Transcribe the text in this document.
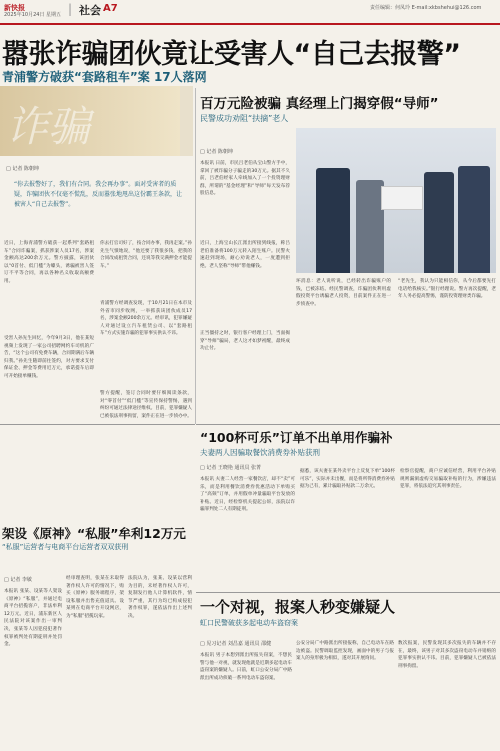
新快报
2025年10月24日 星期五 | 社会 A7	责任编辑：何凤玲 E-mail:xkbshehui@126.com
嚣张诈骗团伙竟让受害人“自己去报警”
青浦警方破获“套路租车”案 17人落网
诈骗
□ 记者 陈朝坤
“你去报警好了，我们有合同。我会再办事”。面对受害者的质疑，诈骗团伙不仅毫不慌乱，反而嚣张地甩出这份霸王条款，让被害人“自己去报警”。
近日，上海青浦警方破获一起系列“套路租车”合同诈骗案，抓获涉案人员17名，涉案金额高达200余万元。警方披露，该团伙以“0首付、低门槛”为噱头，诱骗被害人签订不平等合同，再以各种名义收取高额费用。
受害人孙先生回忆，今年9月3日，他在某短视频上发现了一家公司招聘网约车司机的广告，“这个公司有免费车辆，合同期满后车辆归我。”孙先生随即前往签约，对方要求支付保证金、押金等费用近万元，承诺提车后即可开始接单赚钱。
你去打官司好了，按合同办事，我再走案。”孙先生气愤地说，“他还要了我很多钱，把我的合同改成租赁合同，还说等我交满押金才能提车。”
青浦警方经调查发现，于10月21日在本市及外省市同步收网，一举抓获该团伙成员17名，涉案金额200余万元。经审讯，犯罪嫌疑人对通过设立汽车租赁公司、以“套路租车”方式实施诈骗的犯罪事实供认不讳。
警方提醒，签订合同时要仔细阅读条款，对“零首付”“低门槛”等宣传保持警惕，遇到纠纷可通过法律途径维权。目前，犯罪嫌疑人已被依法刑事拘留，案件正在进一步侦办中。
百万元险被骗 真经理上门揭穿假“导师”
民警成功劝阻“扶摘”老人
□ 记者 陈朝坤
本报讯 日前，市民吕老伯从宝山警方手中，拿回了被诈骗分子骗走的30万元。据其不久前，吕老伯经家人牵线加入了一个投资理财群，所谓的“基金经理”和“导师”每天发布荐股信息。
近日，上海宝山长江派出所接到线报，称吕老伯准备将100万元转入陌生账户。民警火速赶到现场，耐心劝说老人，一度遭到拒绝。老人坚称“导师”带他赚钱。
正当僵持之时，银行客户经理上门，当面揭穿“导师”骗局，老人这才如梦初醒，最终成功止付。
坏消息：老人说听说，已经转出诈骗账户的钱，已被冻结。经民警调查，诈骗团伙利用虚假投资平台诱骗老人投资，目前案件正在进一步侦查中。
“老先生，我认为只能相信你，从今后都要先打电话给我核实。”银行经理说。警方再次提醒，老年人务必提高警惕，谨防投资理财类诈骗。
“100杯可乐”订单不出单用作骗补
夫妻两人因骗取餐饮消费券补贴获刑
□ 记者 王晓艳 通讯员 张菁
本报讯 夫妻二人经营一家餐饮店，却不“卖”可乐，而是利用餐饮消费券优惠活动下单购买了“高频”订单，并用假单冲量骗取平台发放的补贴。近日，经检察机关提起公诉，法院以诈骗罪判处二人有期徒刑。
据悉，该夫妻在某外卖平台上反复下单“100杯可乐”，实际并未出餐，而是将所得消费券补贴据为己有，累计骗取补贴款二万余元。
检察官提醒，商户应诚信经营，利用平台补贴规则漏洞虚构交易骗取补贴的行为，涉嫌违法犯罪，将依法追究其刑事责任。
架设《原神》“私服”牟利12万元
“私服”运营者与电商平台运营者双双获刑
□ 记者 李敏
本报讯 张某、设某等人架设《原神》“私服”，并通过电商平台招揽客户，非法牟利12万元。近日，浦东新区人民法院对该案作出一审判决，张某等人因犯侵犯著作权罪被判处有期徒刑并处罚金。
经审理查明，张某在未取得著作权人许可的情况下，购买《原神》服务端程序，架设私服并出售充值道具。设某则在电商平台开设网店，为“私服”招揽玩家。
法院认为，张某、设某以营利为目的，未经著作权人许可，复制发行他人计算机软件，情节严重，其行为均已构成侵犯著作权罪，遂依法作出上述判决。
一个对视，报案人秒变嫌疑人
虹口民警破获多起电动车盗窃案
□ 见习记者 刘昌嘉 通讯员 邵健
本报讯 男子本想到派出所报失窃案，不想民警与他一对视，就发现他就是近期多起电动车盗窃案的嫌疑人。日前，虹口公安分局广中路派出所成功侦破一系列电动车盗窃案。
公安分局广中路派出所接报称，自己电动车在路边被盗。民警调取监控发现，画面中的男子与报案人的身形极为相似，遂对其开展询问。
数次报案，民警发现其多次报失的车辆并不存在，最终，该男子对其多次盗窃电动车并销赃的犯罪事实供认不讳。目前，犯罪嫌疑人已被依法刑事拘留。
